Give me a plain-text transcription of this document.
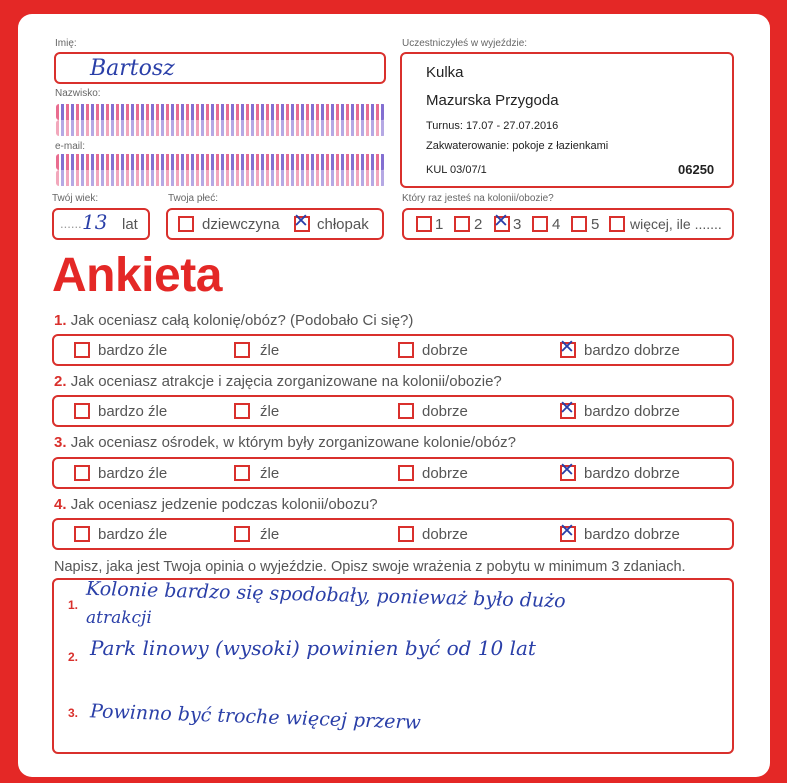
Imię:
Bartosz
Nazwisko:
e-mail:
Twój wiek:
...... 13 lat
Twoja płeć:
dziewczyna ✕ chłopak
Uczestniczyłeś w wyjeździe:
Kulka
Mazurska Przygoda
Turnus: 17.07 - 27.07.2016
Zakwaterowanie: pokoje z łazienkami
KUL 03/07/1	06250
Który raz jesteś na kolonii/obozie?
1 2 ✕ 3 4 5 więcej, ile .......
Ankieta
1. Jak oceniasz całą kolonię/obóz? (Podobało Ci się?)
bardzo źle	źle	dobrze	✕ bardzo dobrze
2. Jak oceniasz atrakcje i zajęcia zorganizowane na kolonii/obozie?
bardzo źle	źle	dobrze	✕ bardzo dobrze
3. Jak oceniasz ośrodek, w którym były zorganizowane kolonie/obóz?
bardzo źle	źle	dobrze	✕ bardzo dobrze
4. Jak oceniasz jedzenie podczas kolonii/obozu?
bardzo źle	źle	dobrze	✕ bardzo dobrze
Napisz, jaka jest Twoja opinia o wyjeździe. Opisz swoje wrażenia z pobytu w minimum 3 zdaniach.
1. Kolonie bardzo się spodobały, ponieważ było dużo
atrakcji
2. Park linowy (wysoki) powinien być od 10 lat
3. Powinno być troche więcej przerw
